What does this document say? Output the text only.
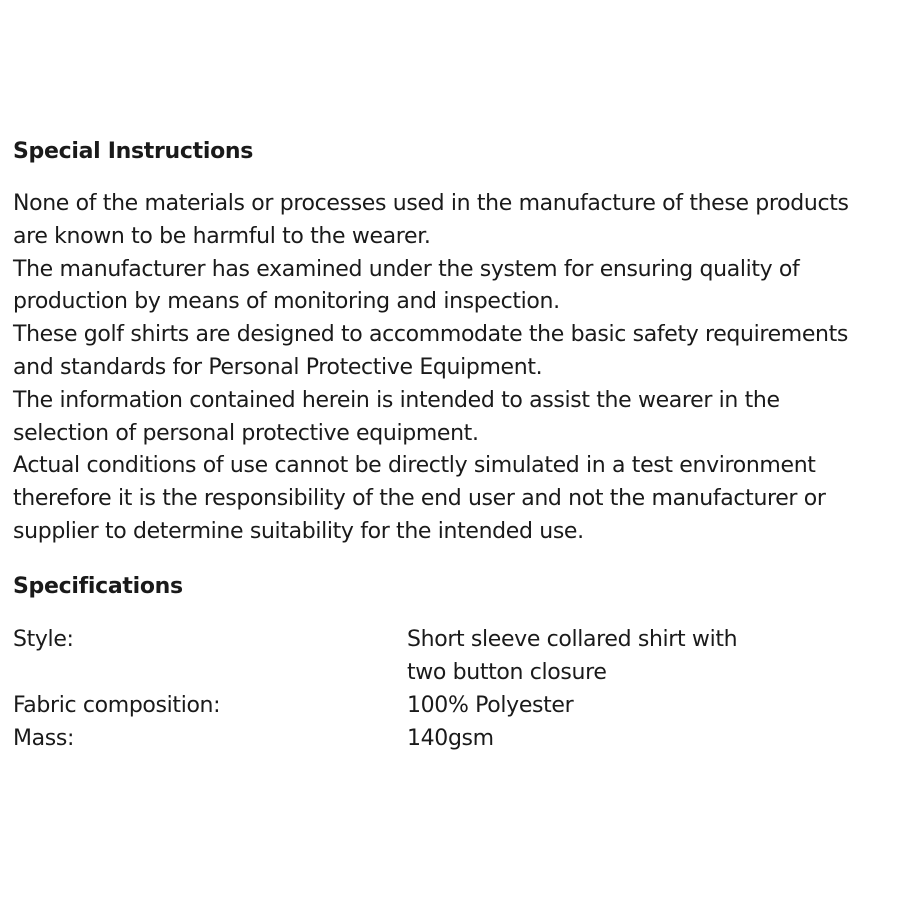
Special Instructions

None of the materials or processes used in the manufacture of these products
are known to be harmful to the wearer.
The manufacturer has examined under the system for ensuring quality of
production by means of monitoring and inspection.
These golf shirts are designed to accommodate the basic safety requirements
and standards for Personal Protective Equipment.
The information contained herein is intended to assist the wearer in the
selection of personal protective equipment.
Actual conditions of use cannot be directly simulated in a test environment
therefore it is the responsibility of the end user and not the manufacturer or
supplier to determine suitability for the intended use.

Specifications
Style:	Short sleeve collared shirt with
two button closure
Fabric composition:	100% Polyester
Mass:	140gsm
